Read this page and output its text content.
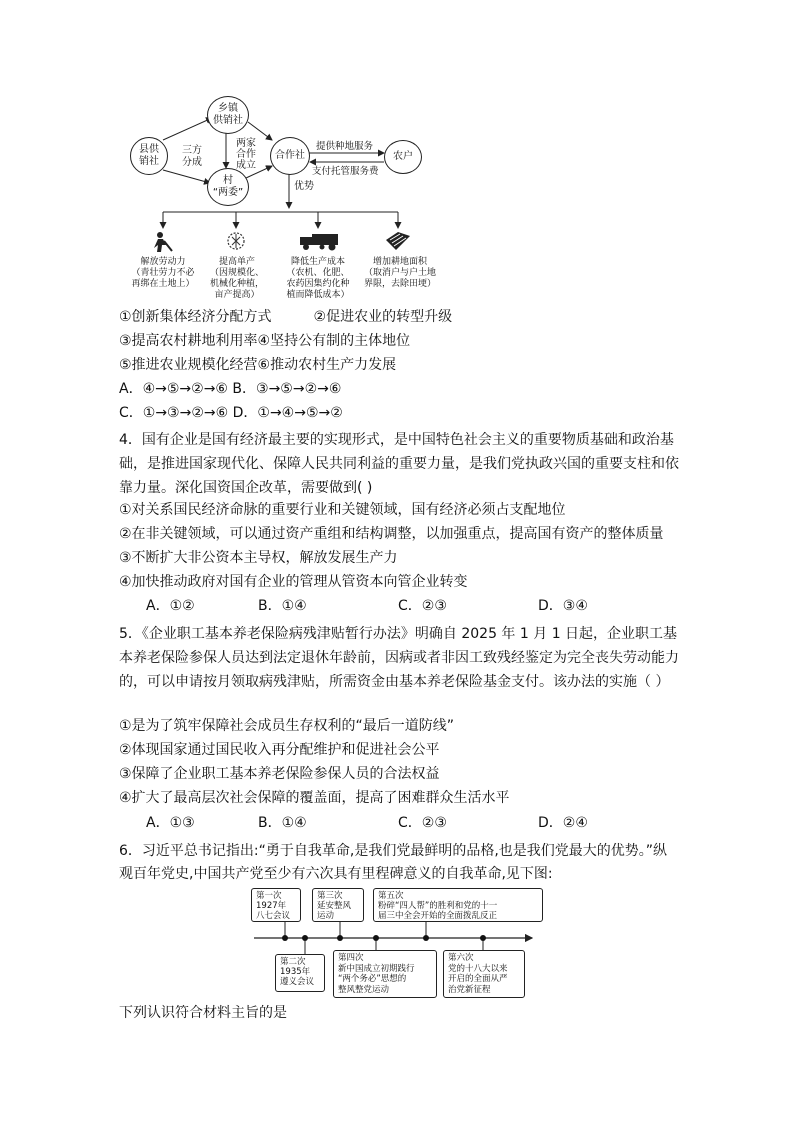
乡镇
供销社
县供
销社
合作社	农户
村
“两委”
三方
分成
两家
合作
成立
提供种地服务
支付托管服务费
优势
解放劳动力
（青壮劳力不必
再绑在土地上）
提高单产
（因规模化、
机械化种植，
亩产提高）
降低生产成本
（农机、化肥、
农药因集约化种
植而降低成本）
增加耕地面积
（取消户与户土地
界限，去除田埂）
①创新集体经济分配方式　　　②促进农业的转型升级
③提高农村耕地利用率④坚持公有制的主体地位
⑤推进农业规模化经营⑥推动农村生产力发展
A．④→⑤→②→⑥ B．③→⑤→②→⑥
C．①→③→②→⑥ D．①→④→⑤→②
4．国有企业是国有经济最主要的实现形式，是中国特色社会主义的重要物质基础和政治基础，是推进国家现代化、保障人民共同利益的重要力量，是我们党执政兴国的重要支柱和依靠力量。深化国资国企改革，需要做到( )
①对关系国民经济命脉的重要行业和关键领域，国有经济必须占支配地位
②在非关键领域，可以通过资产重组和结构调整，以加强重点，提高国有资产的整体质量
③不断扩大非公资本主导权，解放发展生产力
④加快推动政府对国有企业的管理从管资本向管企业转变
A．①②	B．①④	C．②③	D．③④
5．《企业职工基本养老保险病残津贴暂行办法》明确自 2025 年 1 月 1 日起，企业职工基本养老保险参保人员达到法定退休年龄前，因病或者非因工致残经鉴定为完全丧失劳动能力的，可以申请按月领取病残津贴，所需资金由基本养老保险基金支付。该办法的实施（ ）
①是为了筑牢保障社会成员生存权利的“最后一道防线”
②体现国家通过国民收入再分配维护和促进社会公平
③保障了企业职工基本养老保险参保人员的合法权益
④扩大了最高层次社会保障的覆盖面，提高了困难群众生活水平
A．①③	B．①④	C．②③	D．②④
6．习近平总书记指出:“勇于自我革命,是我们党最鲜明的品格,也是我们党最大的优势。”纵观百年党史,中国共产党至少有六次具有里程碑意义的自我革命,见下图:
第一次
1927年
八七会议
第三次
延安整风
运动
第五次
粉碎“四人帮”的胜利和党的十一
届三中全会开始的全面拨乱反正
第二次
1935年
遵义会议
第四次
新中国成立初期践行
“两个务必”思想的
整风整党运动
第六次
党的十八大以来
开启的全面从严
治党新征程
下列认识符合材料主旨的是
